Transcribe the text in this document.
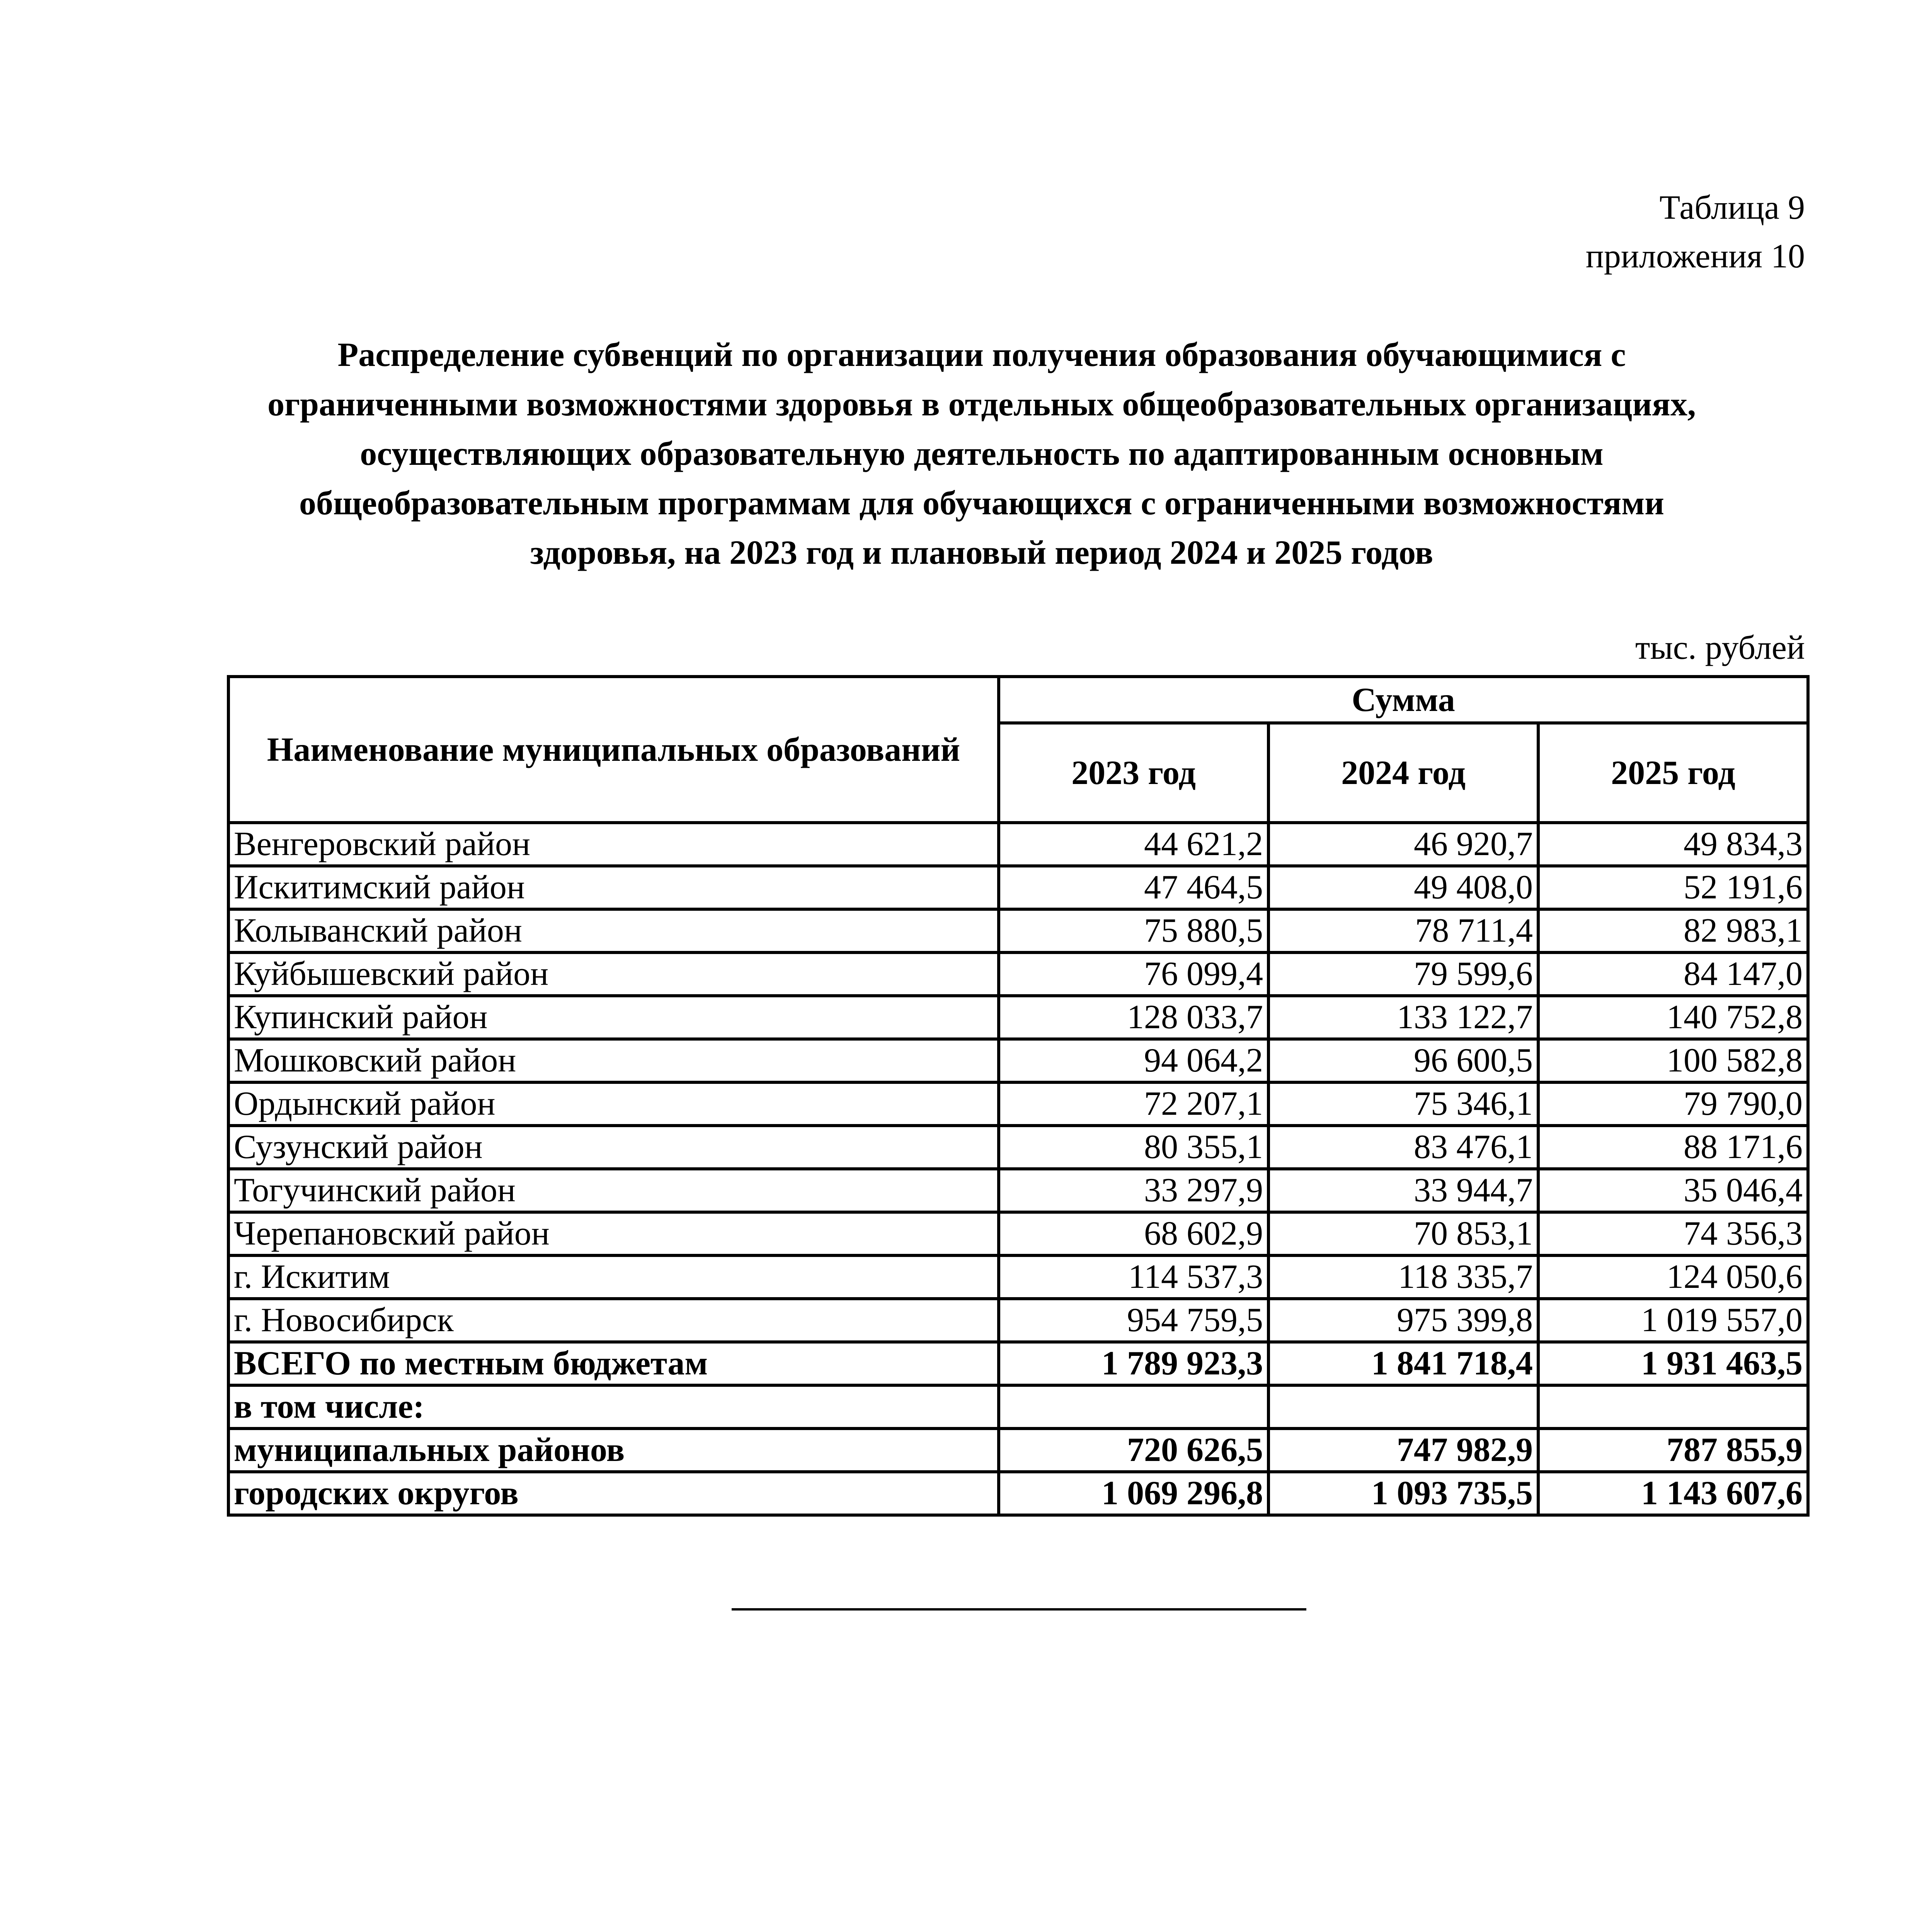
Таблица 9
приложения 10
Распределение субвенций по организации получения образования обучающимися с
ограниченными возможностями здоровья в отдельных общеобразовательных организациях,
осуществляющих образовательную деятельность по адаптированным основным
общеобразовательным программам для обучающихся с ограниченными возможностями
здоровья, на 2023 год и плановый период 2024 и 2025 годов
тыс. рублей
Наименование муниципальных образований	Сумма		
	2023 год	2024 год	2025 год
Венгеровский район	44 621,2	46 920,7	49 834,3
Искитимский район	47 464,5	49 408,0	52 191,6
Колыванский район	75 880,5	78 711,4	82 983,1
Куйбышевский район	76 099,4	79 599,6	84 147,0
Купинский район	128 033,7	133 122,7	140 752,8
Мошковский район	94 064,2	96 600,5	100 582,8
Ордынский район	72 207,1	75 346,1	79 790,0
Сузунский район	80 355,1	83 476,1	88 171,6
Тогучинский район	33 297,9	33 944,7	35 046,4
Черепановский район	68 602,9	70 853,1	74 356,3
г. Искитим	114 537,3	118 335,7	124 050,6
г. Новосибирск	954 759,5	975 399,8	1 019 557,0
ВСЕГО по местным бюджетам	1 789 923,3	1 841 718,4	1 931 463,5
в том числе:			
муниципальных районов	720 626,5	747 982,9	787 855,9
городских округов	1 069 296,8	1 093 735,5	1 143 607,6
